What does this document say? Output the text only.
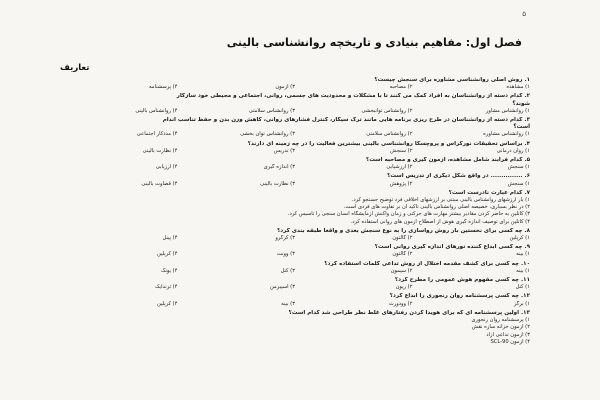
۵
فصل اول: مفاهیم بنیادی و تاریخچه روانشناسی بالینی
تعاریف
۱.روش اصلی روانشناسی مشاوره برای سنجش چیست؟
۱) مشاهده
۲) مصاحبه
۳) آزمون
۴) پرسشنامه
۲.کدام دسته از روانشناسان به افراد کمک می کنند تا با مشکلات و محدودیت های جسمی، روانی، اجتماعی و محیطی خود سازگار
شوند؟
۱) روانشناس مشاور
۲) روانشناس توانبخشی
۳) روانشناس سلامتی
۴) روانشناس بالینی
۳.کدام دسته از روانشناسان در طرح ریزی برنامه هایی مانند ترک سیگار، کنترل فشارهای روانی، کاهش وزن بدن و حفظ تناسب اندام
است؟
۱) روانشناس مشاوره
۲) روانشناس سلامتی
۳) روانشناس توان بخشی
۴) مددکار اجتماعی
۴.براساس تحقیقات نورکراس و پروچسکا روانشناسی بالینی بیشترین فعالیت را در چه زمینه ای دارند؟
۱) روان درمانی
۲) سنجش
۳) تدریس
۴) نظارت بالینی
۵.کدام فرایند شامل مشاهده، آزمون گیری و مصاحبه است؟
۱) سنجش
۲) ارزشیابی
۳) اندازه گیری
۴) ارزیابی
۶................ در واقع شکل دیگری از تدریس است؟
۱) سنجش
۲) پژوهش
۳) نظارت بالینی
۴) قضاوت بالینی
۷.کدام عبارت نادرست است؟
۱) بار ارزشهای روانشناس بالینی مبتنی بر ارزشهای اخلاقی فرد توضیح جستجو کرد.
۲) در نظر بسیاری، خصیصه اصلی روانشناس بالینی تاکید آن بر تفاوت های فردی است.
۳) کاتلین به حاضر کردن مقادیر بیشتر مهارت های حرکتی و زمان واکنش آزمایشگاه انسان سنجی را تاسیس کرد.
۴) کاتلین برای توصیف اندازه گیری هوش از اصطلاح آزمون های روانی استفاده کرد.
۸.چه کسی برای نخستین بار روش رواسازی را به نوع سنجش بعدی و واقعاً طبقه بندی کرد؟
۱) کرپلین
۲) گالتون
۳) کرگرو
۴) پینل
۹.چه کسی ابداع کننده تورهای اندازه گیری روانی است؟
۱) بینه
۲) گالتون
۳) وونت
۴) کرپلین
۱۰.چه کسی برای کشف مقدمه اختلال از روش تداعی کلمات استفاده کرد؟
۱) بینه
۲) سیمون
۳) کتل
۴) یونگ
۱۱.چه کسی مفهوم هوش عمومی را مطرح کرد؟
۱) کتل
۲) ریون
۳) اسپیرمن
۴) ثرندایک
۱۲.چه کسی پرسشنامه روان رنجوری را ابداع کرد؟
۱) برگز
۲) وودورث
۳) بینه
۴) کرپلین
۱۳.اولین پرسشنامه ای که برای هویدا کردن رفتارهای غلط نظر طراحی شد کدام است؟
۱) پرسشنامه روان رنجوری
۲) آزمون خزانه سازه نقش
۳) آزمون تداعی آزاد
۴) آزمون SCL-90
